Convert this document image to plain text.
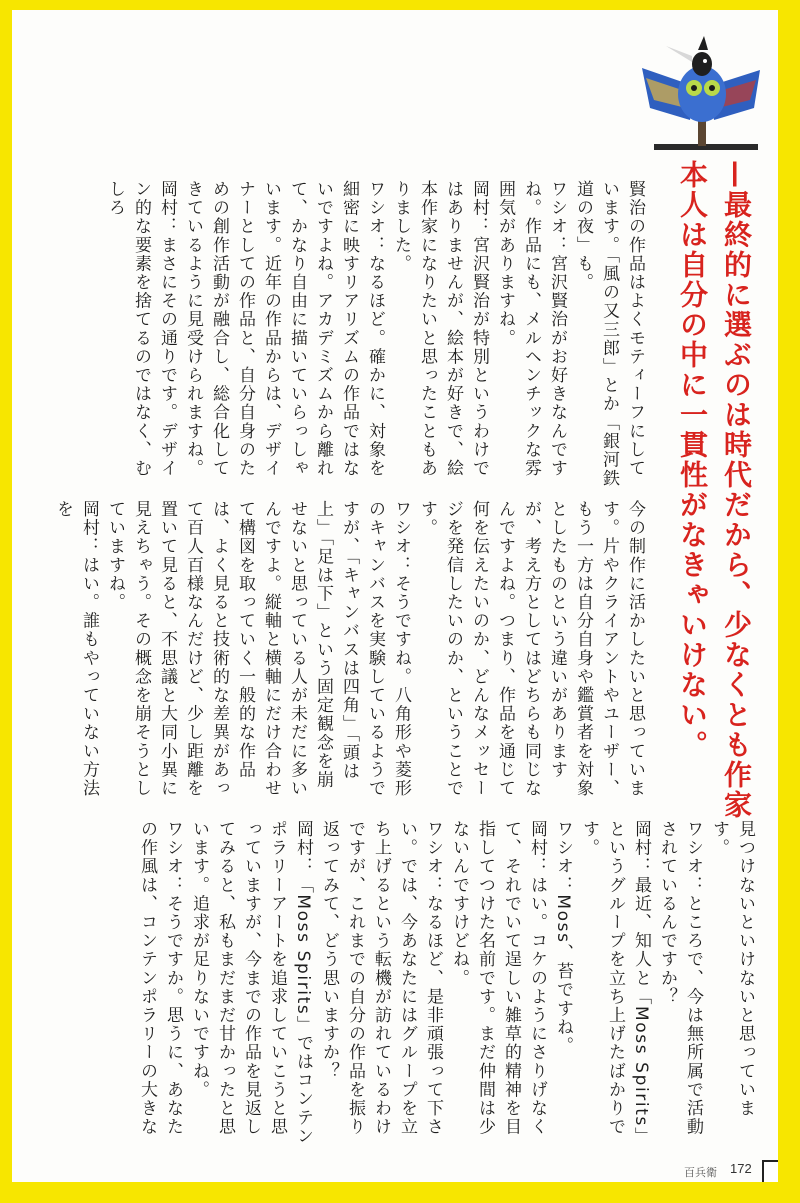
—最終的に選ぶのは時代だから、少なくとも作家本人は自分の中に一貫性がなきゃいけない。
賢治の作品はよくモティーフにしています。「風の又三郎」とか「銀河鉄道の夜」も。
ワシオ：宮沢賢治がお好きなんですね。作品にも、メルヘンチックな雰囲気がありますね。
岡村：宮沢賢治が特別というわけではありませんが、絵本が好きで、絵本作家になりたいと思ったこともありました。
ワシオ：なるほど。確かに、対象を細密に映すリアリズムの作品ではないですよね。アカデミズムから離れて、かなり自由に描いていらっしゃいます。近年の作品からは、デザイナーとしての作品と、自分自身のための創作活動が融合し、総合化してきているように見受けられますね。
岡村：まさにその通りです。デザイン的な要素を捨てるのではなく、むしろ
今の制作に活かしたいと思っています。片やクライアントやユーザー、もう一方は自分自身や鑑賞者を対象としたものという違いがありますが、考え方としてはどちらも同じなんですよね。つまり、作品を通じて何を伝えたいのか、どんなメッセージを発信したいのか、ということです。
ワシオ：そうですね。八角形や菱形のキャンバスを実験しているようですが、「キャンバスは四角」「頭は上」「足は下」という固定観念を崩せないと思っている人が未だに多いんですよ。縦軸と横軸にだけ合わせて構図を取っていく一般的な作品は、よく見ると技術的な差異があって百人百様なんだけど、少し距離を置いて見ると、不思議と大同小異に見えちゃう。その概念を崩そうとしていますね。
岡村：はい。誰もやっていない方法を
見つけないといけないと思っています。
ワシオ：ところで、今は無所属で活動されているんですか？
岡村：最近、知人と「Moss Spirits」というグループを立ち上げたばかりです。
ワシオ：Moss、苔ですね。
岡村：はい。コケのようにさりげなくて、それでいて逞しい雑草的精神を目指してつけた名前です。まだ仲間は少ないんですけどね。
ワシオ：なるほど、是非頑張って下さい。では、今あなたにはグループを立ち上げるという転機が訪れているわけですが、これまでの自分の作品を振り返ってみて、どう思いますか？
岡村：「Moss Spirits」ではコンテンポラリーアートを追求していこうと思っていますが、今までの作品を見返してみると、私もまだまだ甘かったと思います。追求が足りないですね。
ワシオ：そうですか。思うに、あなたの作風は、コンテンポラリーの大きな
百兵衛 172
